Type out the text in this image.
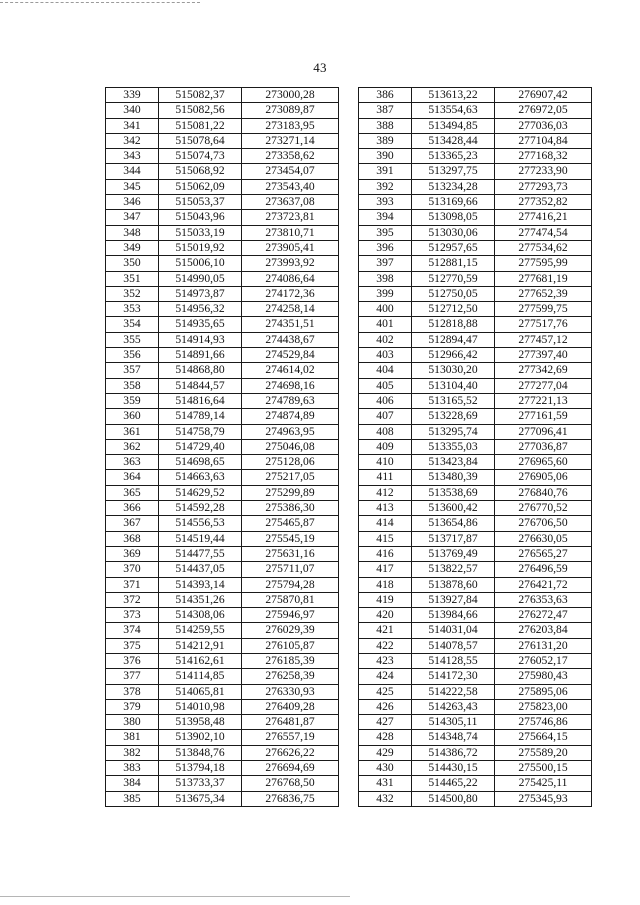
43
339	515082,37	273000,28
340	515082,56	273089,87
341	515081,22	273183,95
342	515078,64	273271,14
343	515074,73	273358,62
344	515068,92	273454,07
345	515062,09	273543,40
346	515053,37	273637,08
347	515043,96	273723,81
348	515033,19	273810,71
349	515019,92	273905,41
350	515006,10	273993,92
351	514990,05	274086,64
352	514973,87	274172,36
353	514956,32	274258,14
354	514935,65	274351,51
355	514914,93	274438,67
356	514891,66	274529,84
357	514868,80	274614,02
358	514844,57	274698,16
359	514816,64	274789,63
360	514789,14	274874,89
361	514758,79	274963,95
362	514729,40	275046,08
363	514698,65	275128,06
364	514663,63	275217,05
365	514629,52	275299,89
366	514592,28	275386,30
367	514556,53	275465,87
368	514519,44	275545,19
369	514477,55	275631,16
370	514437,05	275711,07
371	514393,14	275794,28
372	514351,26	275870,81
373	514308,06	275946,97
374	514259,55	276029,39
375	514212,91	276105,87
376	514162,61	276185,39
377	514114,85	276258,39
378	514065,81	276330,93
379	514010,98	276409,28
380	513958,48	276481,87
381	513902,10	276557,19
382	513848,76	276626,22
383	513794,18	276694,69
384	513733,37	276768,50
385	513675,34	276836,75
386	513613,22	276907,42
387	513554,63	276972,05
388	513494,85	277036,03
389	513428,44	277104,84
390	513365,23	277168,32
391	513297,75	277233,90
392	513234,28	277293,73
393	513169,66	277352,82
394	513098,05	277416,21
395	513030,06	277474,54
396	512957,65	277534,62
397	512881,15	277595,99
398	512770,59	277681,19
399	512750,05	277652,39
400	512712,50	277599,75
401	512818,88	277517,76
402	512894,47	277457,12
403	512966,42	277397,40
404	513030,20	277342,69
405	513104,40	277277,04
406	513165,52	277221,13
407	513228,69	277161,59
408	513295,74	277096,41
409	513355,03	277036,87
410	513423,84	276965,60
411	513480,39	276905,06
412	513538,69	276840,76
413	513600,42	276770,52
414	513654,86	276706,50
415	513717,87	276630,05
416	513769,49	276565,27
417	513822,57	276496,59
418	513878,60	276421,72
419	513927,84	276353,63
420	513984,66	276272,47
421	514031,04	276203,84
422	514078,57	276131,20
423	514128,55	276052,17
424	514172,30	275980,43
425	514222,58	275895,06
426	514263,43	275823,00
427	514305,11	275746,86
428	514348,74	275664,15
429	514386,72	275589,20
430	514430,15	275500,15
431	514465,22	275425,11
432	514500,80	275345,93
